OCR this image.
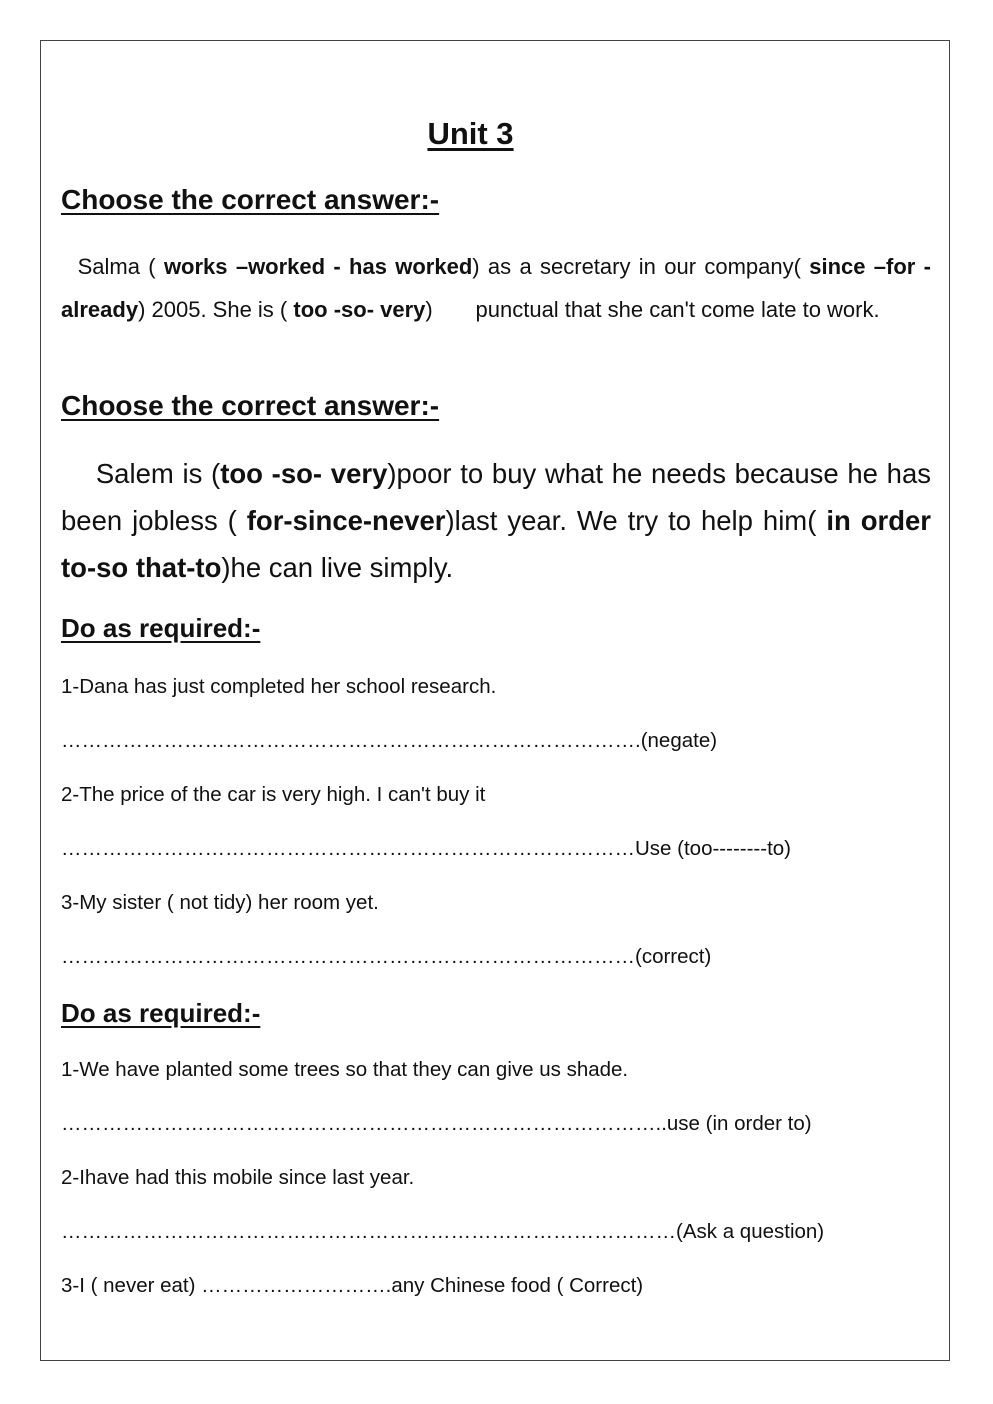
Unit 3
Choose the correct answer:-
Salma ( works –worked - has worked) as a secretary in our company( since –for -already) 2005. She is ( too -so- very)       punctual that she can't come late to work.
Choose the correct answer:-
Salem is (too -so- very)poor to buy what he needs because he has been jobless ( for-since-never)last year. We try to help him( in order to-so that-to)he can live simply.
Do as required:-
1-Dana has just completed her school research.
………………………………………………………………………….(negate)
2-The price of the car is very high. I can't buy it
…………………………………………………………………………Use (too--------to)
3-My sister ( not tidy) her room yet.
…………………………………………………………………………(correct)
Do as required:-
1-We have planted some trees so that they can give us shade.
……………………………………………………………………………..use (in order to)
2-Ihave had this mobile since last year.
………………………………………………………………………………(Ask a question)
3-I ( never eat) ……………………….any Chinese food ( Correct)
